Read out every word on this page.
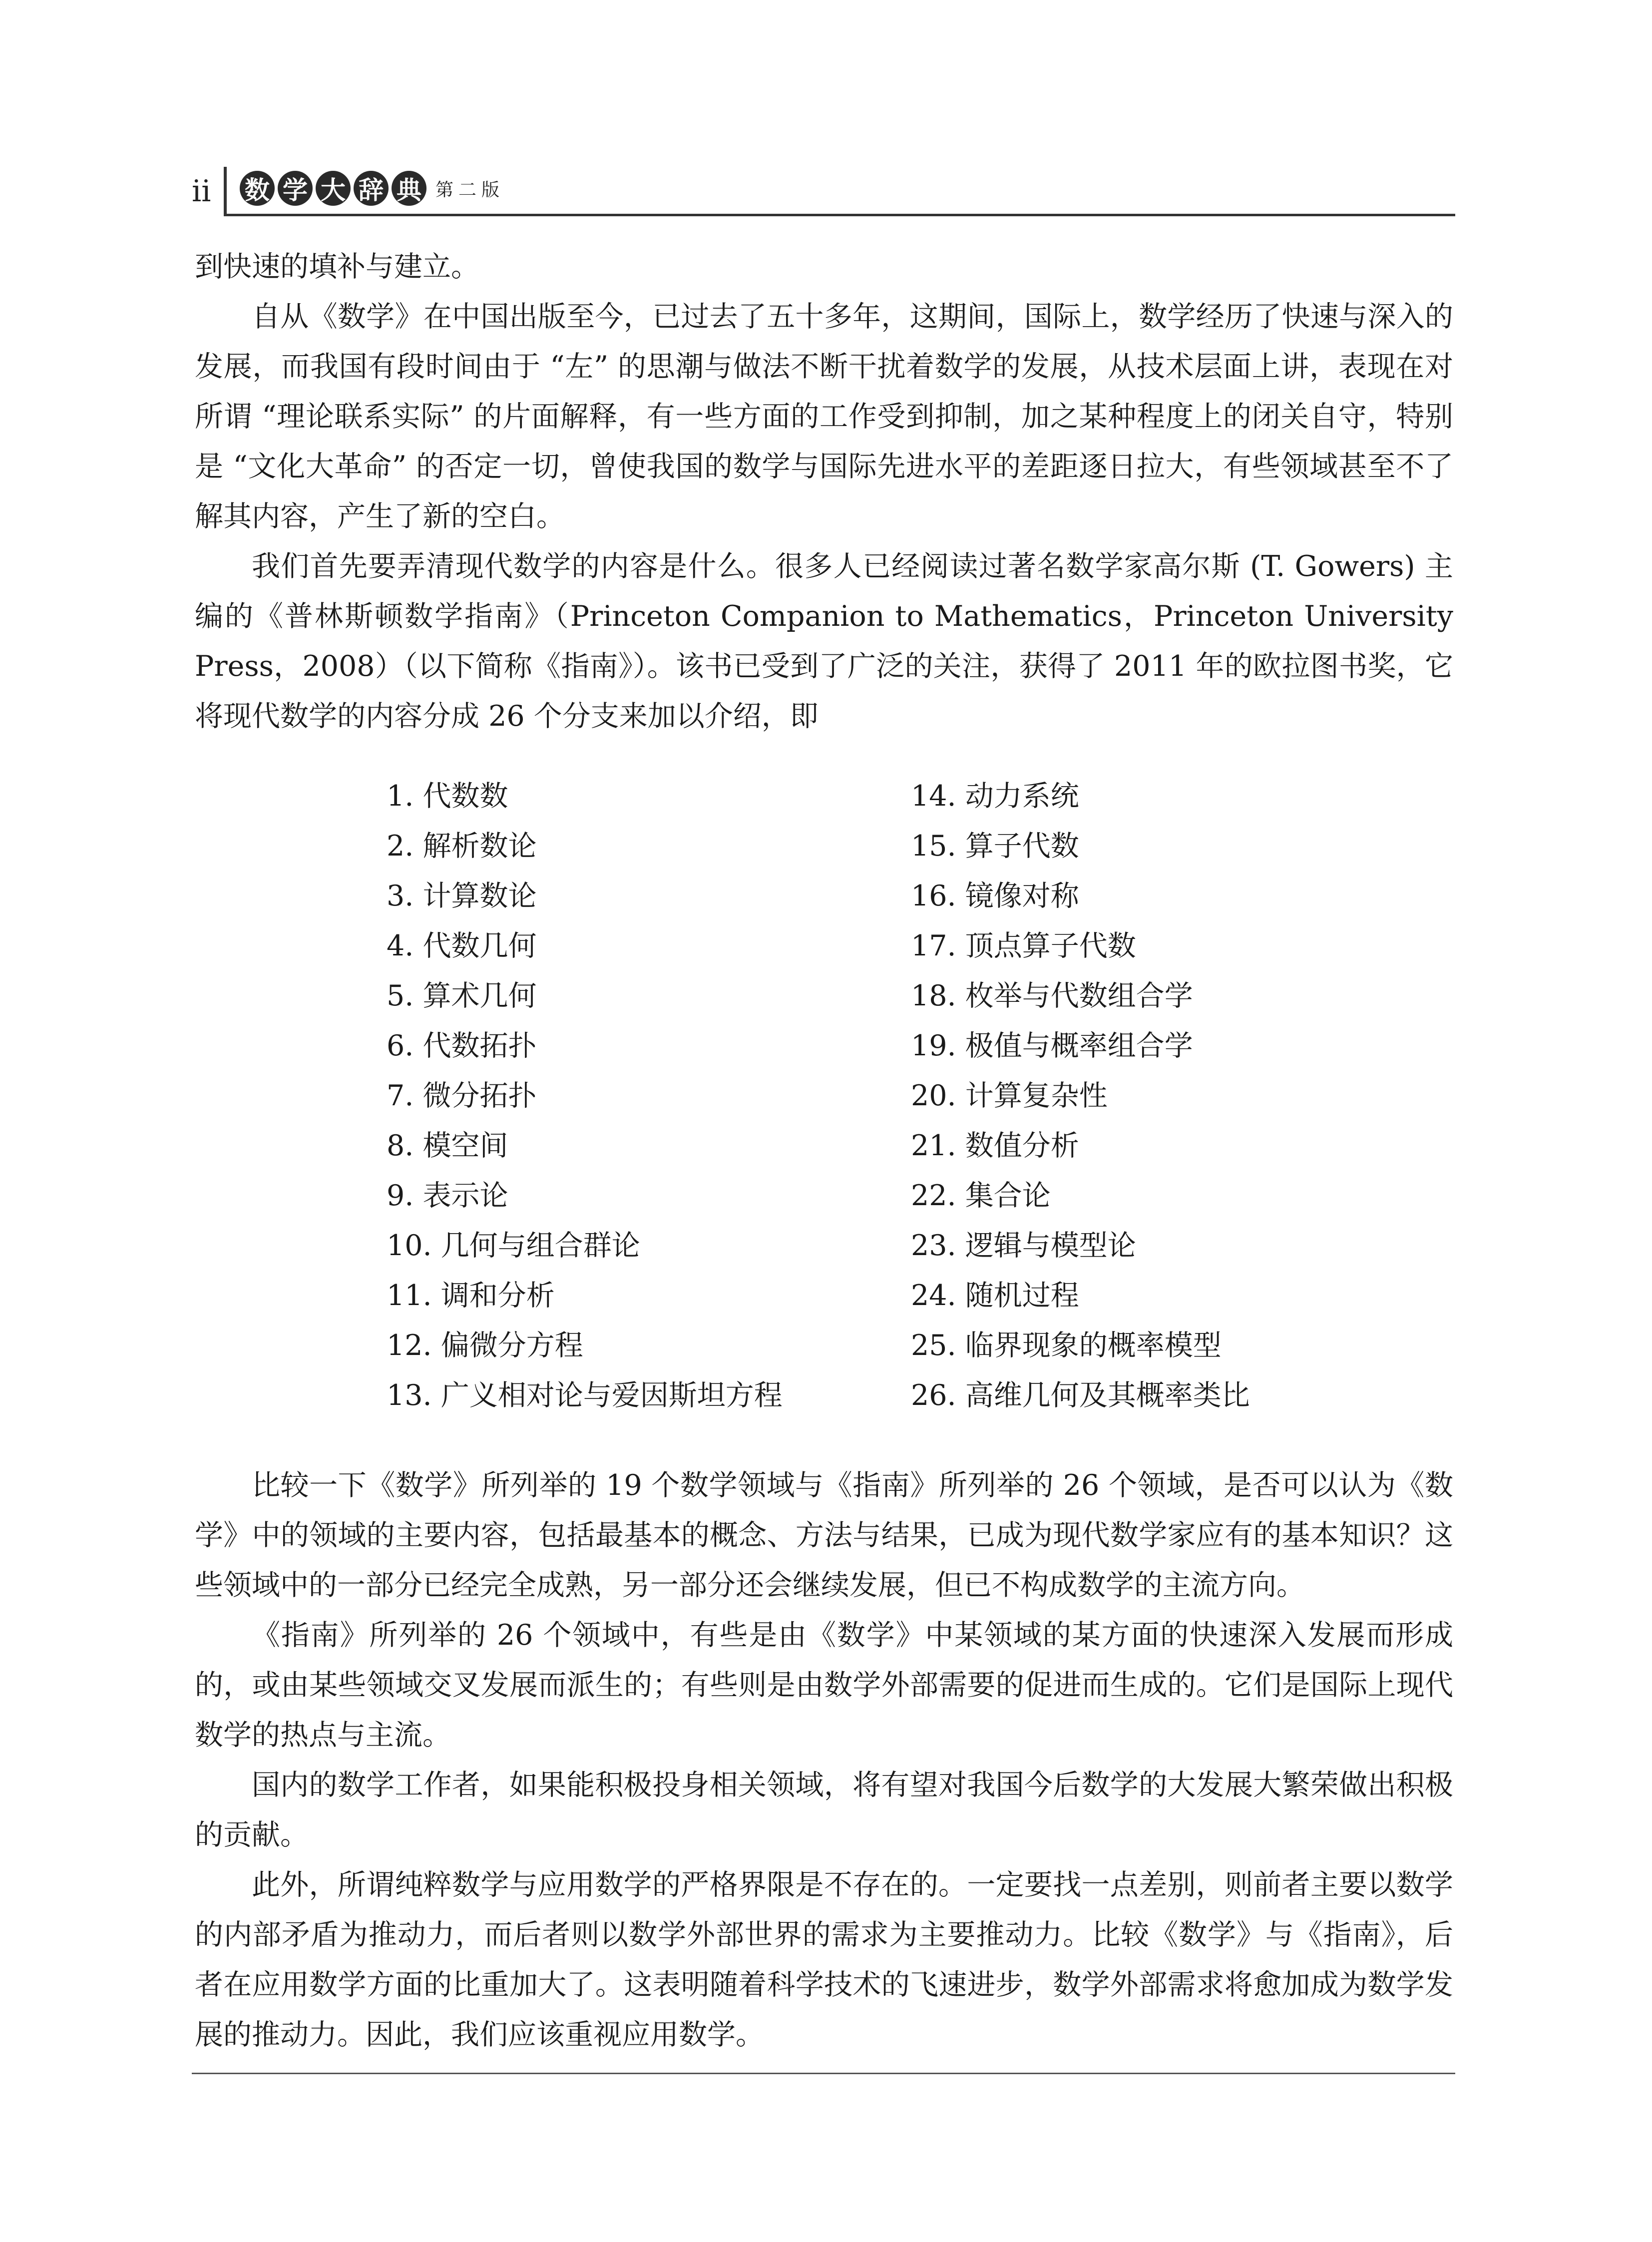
ii 数 学 大 辞 典 第二版

到快速的填补与建立。

自从《数学》在中国出版至今，已过去了五十多年，这期间，国际上，数学经历了快速与深入的发展，而我国有段时间由于 “左” 的思潮与做法不断干扰着数学的发展，从技术层面上讲，表现在对所谓 “理论联系实际” 的片面解释，有一些方面的工作受到抑制，加之某种程度上的闭关自守，特别是 “文化大革命” 的否定一切，曾使我国的数学与国际先进水平的差距逐日拉大，有些领域甚至不了解其内容，产生了新的空白。

我们首先要弄清现代数学的内容是什么。很多人已经阅读过著名数学家高尔斯 (T. Gowers) 主编的《普林斯顿数学指南》（Princeton Companion to Mathematics，Princeton University Press，2008）（以下简称《指南》）。该书已受到了广泛的关注，获得了 2011 年的欧拉图书奖，它将现代数学的内容分成 26 个分支来加以介绍，即

1. 代数数
2. 解析数论
3. 计算数论
4. 代数几何
5. 算术几何
6. 代数拓扑
7. 微分拓扑
8. 模空间
9. 表示论
10. 几何与组合群论
11. 调和分析
12. 偏微分方程
13. 广义相对论与爱因斯坦方程
14. 动力系统
15. 算子代数
16. 镜像对称
17. 顶点算子代数
18. 枚举与代数组合学
19. 极值与概率组合学
20. 计算复杂性
21. 数值分析
22. 集合论
23. 逻辑与模型论
24. 随机过程
25. 临界现象的概率模型
26. 高维几何及其概率类比

比较一下《数学》所列举的 19 个数学领域与《指南》所列举的 26 个领域，是否可以认为《数学》中的领域的主要内容，包括最基本的概念、方法与结果，已成为现代数学家应有的基本知识？这些领域中的一部分已经完全成熟，另一部分还会继续发展，但已不构成数学的主流方向。

《指南》所列举的 26 个领域中，有些是由《数学》中某领域的某方面的快速深入发展而形成的，或由某些领域交叉发展而派生的；有些则是由数学外部需要的促进而生成的。它们是国际上现代数学的热点与主流。

国内的数学工作者，如果能积极投身相关领域，将有望对我国今后数学的大发展大繁荣做出积极的贡献。

此外，所谓纯粹数学与应用数学的严格界限是不存在的。一定要找一点差别，则前者主要以数学的内部矛盾为推动力，而后者则以数学外部世界的需求为主要推动力。比较《数学》与《指南》，后者在应用数学方面的比重加大了。这表明随着科学技术的飞速进步，数学外部需求将愈加成为数学发展的推动力。因此，我们应该重视应用数学。
